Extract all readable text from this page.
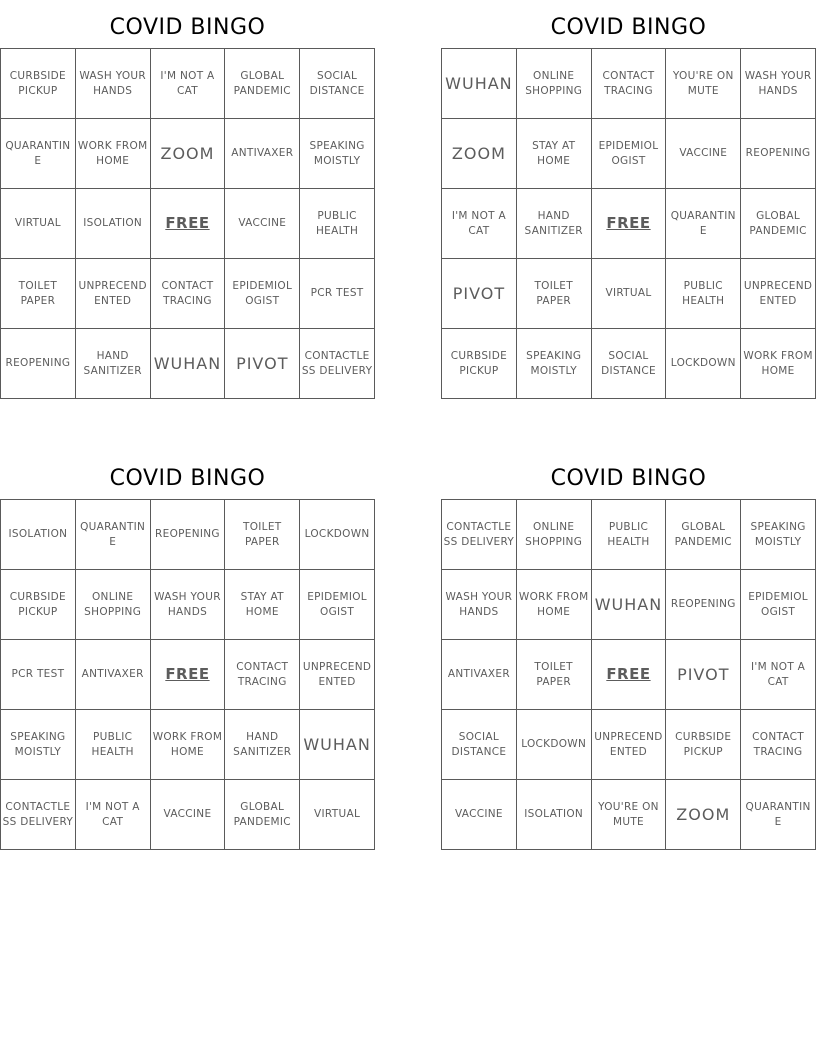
COVID BINGO
CURBSIDE PICKUP	WASH YOUR HANDS	I'M NOT A CAT	GLOBAL PANDEMIC	SOCIAL DISTANCE
QUARANTIN E	WORK FROM HOME	ZOOM	ANTIVAXER	SPEAKING MOISTLY
VIRTUAL	ISOLATION	FREE	VACCINE	PUBLIC HEALTH
TOILET PAPER	UNPRECEND ENTED	CONTACT TRACING	EPIDEMIOL OGIST	PCR TEST
REOPENING	HAND SANITIZER	WUHAN	PIVOT	CONTACTLE SS DELIVERY
COVID BINGO
WUHAN	ONLINE SHOPPING	CONTACT TRACING	YOU'RE ON MUTE	WASH YOUR HANDS
ZOOM	STAY AT HOME	EPIDEMIOL OGIST	VACCINE	REOPENING
I'M NOT A CAT	HAND SANITIZER	FREE	QUARANTIN E	GLOBAL PANDEMIC
PIVOT	TOILET PAPER	VIRTUAL	PUBLIC HEALTH	UNPRECEND ENTED
CURBSIDE PICKUP	SPEAKING MOISTLY	SOCIAL DISTANCE	LOCKDOWN	WORK FROM HOME
COVID BINGO
ISOLATION	QUARANTIN E	REOPENING	TOILET PAPER	LOCKDOWN
CURBSIDE PICKUP	ONLINE SHOPPING	WASH YOUR HANDS	STAY AT HOME	EPIDEMIOL OGIST
PCR TEST	ANTIVAXER	FREE	CONTACT TRACING	UNPRECEND ENTED
SPEAKING MOISTLY	PUBLIC HEALTH	WORK FROM HOME	HAND SANITIZER	WUHAN
CONTACTLE SS DELIVERY	I'M NOT A CAT	VACCINE	GLOBAL PANDEMIC	VIRTUAL
COVID BINGO
CONTACTLE SS DELIVERY	ONLINE SHOPPING	PUBLIC HEALTH	GLOBAL PANDEMIC	SPEAKING MOISTLY
WASH YOUR HANDS	WORK FROM HOME	WUHAN	REOPENING	EPIDEMIOL OGIST
ANTIVAXER	TOILET PAPER	FREE	PIVOT	I'M NOT A CAT
SOCIAL DISTANCE	LOCKDOWN	UNPRECEND ENTED	CURBSIDE PICKUP	CONTACT TRACING
VACCINE	ISOLATION	YOU'RE ON MUTE	ZOOM	QUARANTIN E
